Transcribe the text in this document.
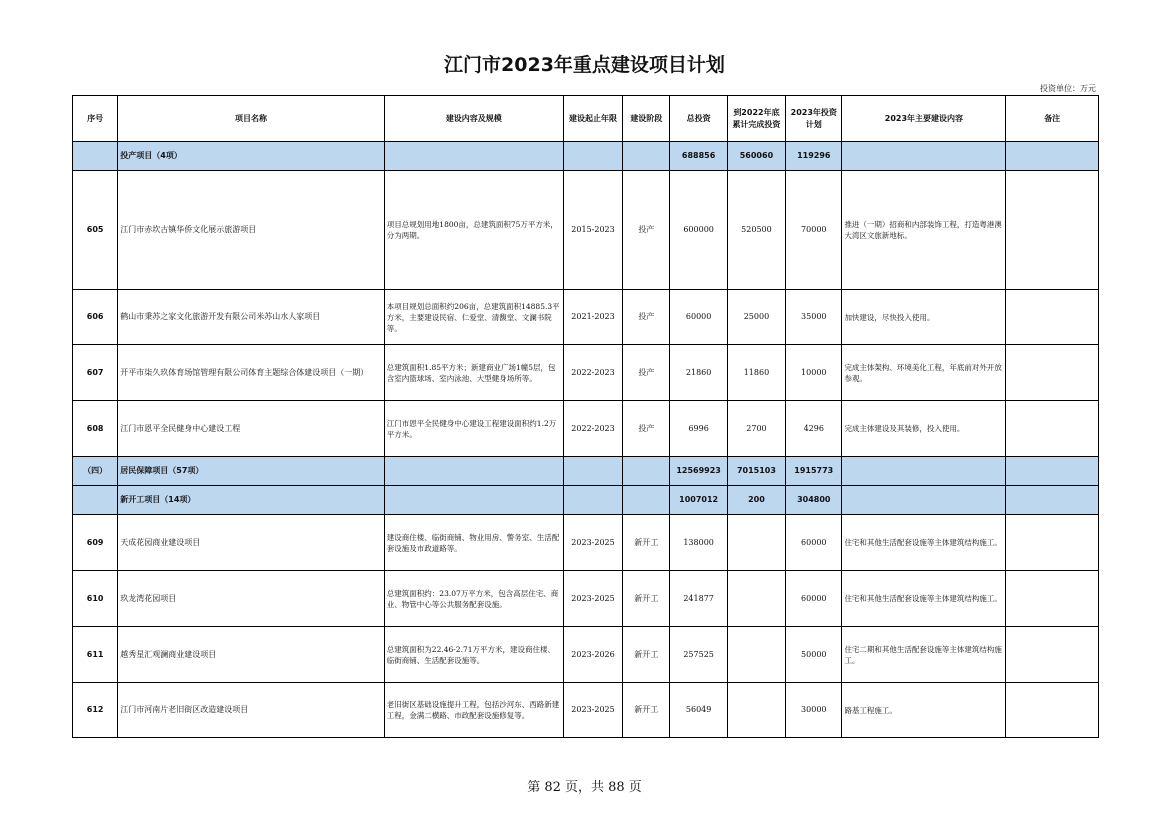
江门市2023年重点建设项目计划
投资单位：万元
序号	项目名称	建设内容及规模	建设起止年限	建设阶段	总投资	到2022年底累计完成投资	2023年投资计划	2023年主要建设内容	备注
	投产项目（4项）				688856	560060	119296		
605	江门市赤坎古镇华侨文化展示旅游项目	项目总规划用地1800亩，总建筑面积75万平方米，分为两期。	2015-2023	投产	600000	520500	70000	推进（一期）招商和内部装饰工程，打造粤港澳大湾区文旅新地标。	
606	鹤山市秉苏之家文化旅游开发有限公司米苏山水人家项目	本项目规划总面积约206亩，总建筑面积14885.3平方米，主要建设民宿、仁爱堂、清馥堂、文澜书院等。	2021-2023	投产	60000	25000	35000	加快建设，尽快投入使用。	
607	开平市柒久玖体育场馆管理有限公司体育主题综合体建设项目（一期）	总建筑面积1.85平方米；新建商业广场1幢5层，包含室内篮球场、室内泳池、大型健身场所等。	2022-2023	投产	21860	11860	10000	完成主体架构、环境美化工程，年底前对外开放参观。	
608	江门市恩平全民健身中心建设工程	江门市恩平全民健身中心建设工程建设面积约1.2万平方米。	2022-2023	投产	6996	2700	4296	完成主体建设及其装修，投入使用。	
（四）	居民保障项目（57项）				12569923	7015103	1915773		
	新开工项目（14项）				1007012	200	304800		
609	天成花园商业建设项目	建设商住楼、临街商铺、物业用房、警务室、生活配套设施及市政道路等。	2023-2025	新开工	138000		60000	住宅和其他生活配套设施等主体建筑结构施工。	
610	玖龙湾花园项目	总建筑面积约：23.07万平方米，包含高层住宅、商业、物管中心等公共服务配套设施。	2023-2025	新开工	241877		60000	住宅和其他生活配套设施等主体建筑结构施工。	
611	越秀星汇观澜商业建设项目	总建筑面积为22.46-2.71万平方米，建设商住楼、临街商铺、生活配套设施等。	2023-2026	新开工	257525		50000	住宅二期和其他生活配套设施等主体建筑结构施工。	
612	江门市河南片老旧街区改造建设项目	老旧街区基础设施提升工程，包括沙河东、西路新建工程，金满二横路、市政配套设施修复等。	2023-2025	新开工	56049		30000	路基工程施工。	
第 82 页，共 88 页
